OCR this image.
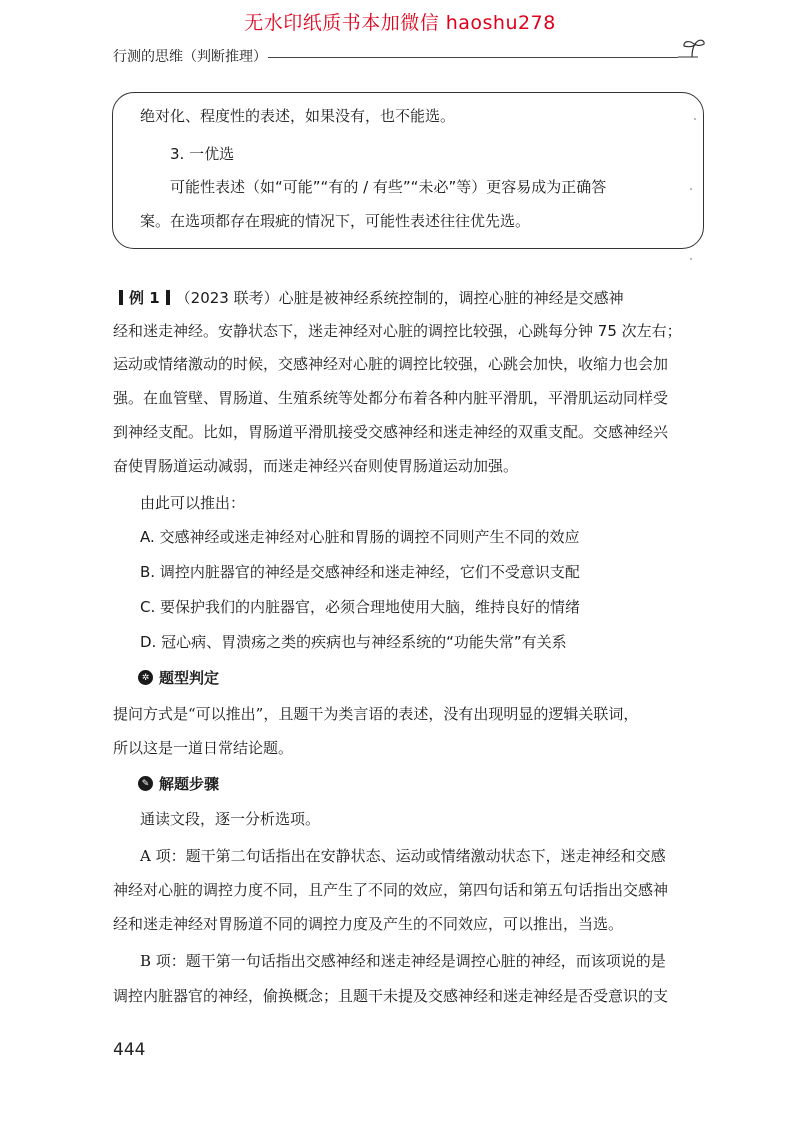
无水印纸质书本加微信 haoshu278
行测的思维（判断推理）
绝对化、程度性的表述，如果没有，也不能选。
3. 一优选
可能性表述（如“可能”“有的 / 有些”“未必”等）更容易成为正确答
案。在选项都存在瑕疵的情况下，可能性表述往往优先选。
例 1 （2023 联考）心脏是被神经系统控制的，调控心脏的神经是交感神
经和迷走神经。安静状态下，迷走神经对心脏的调控比较强，心跳每分钟 75 次左右；
运动或情绪激动的时候，交感神经对心脏的调控比较强，心跳会加快，收缩力也会加
强。在血管壁、胃肠道、生殖系统等处都分布着各种内脏平滑肌，平滑肌运动同样受
到神经支配。比如，胃肠道平滑肌接受交感神经和迷走神经的双重支配。交感神经兴
奋使胃肠道运动减弱，而迷走神经兴奋则使胃肠道运动加强。
由此可以推出：
A. 交感神经或迷走神经对心脏和胃肠的调控不同则产生不同的效应
B. 调控内脏器官的神经是交感神经和迷走神经，它们不受意识支配
C. 要保护我们的内脏器官，必须合理地使用大脑，维持良好的情绪
D. 冠心病、胃溃疡之类的疾病也与神经系统的“功能失常”有关系
✲ 题型判定
提问方式是“可以推出”，且题干为类言语的表述，没有出现明显的逻辑关联词，
所以这是一道日常结论题。
✎ 解题步骤
通读文段，逐一分析选项。
A 项：题干第二句话指出在安静状态、运动或情绪激动状态下，迷走神经和交感
神经对心脏的调控力度不同，且产生了不同的效应，第四句话和第五句话指出交感神
经和迷走神经对胃肠道不同的调控力度及产生的不同效应，可以推出，当选。
B 项：题干第一句话指出交感神经和迷走神经是调控心脏的神经，而该项说的是
调控内脏器官的神经，偷换概念；且题干未提及交感神经和迷走神经是否受意识的支
444
